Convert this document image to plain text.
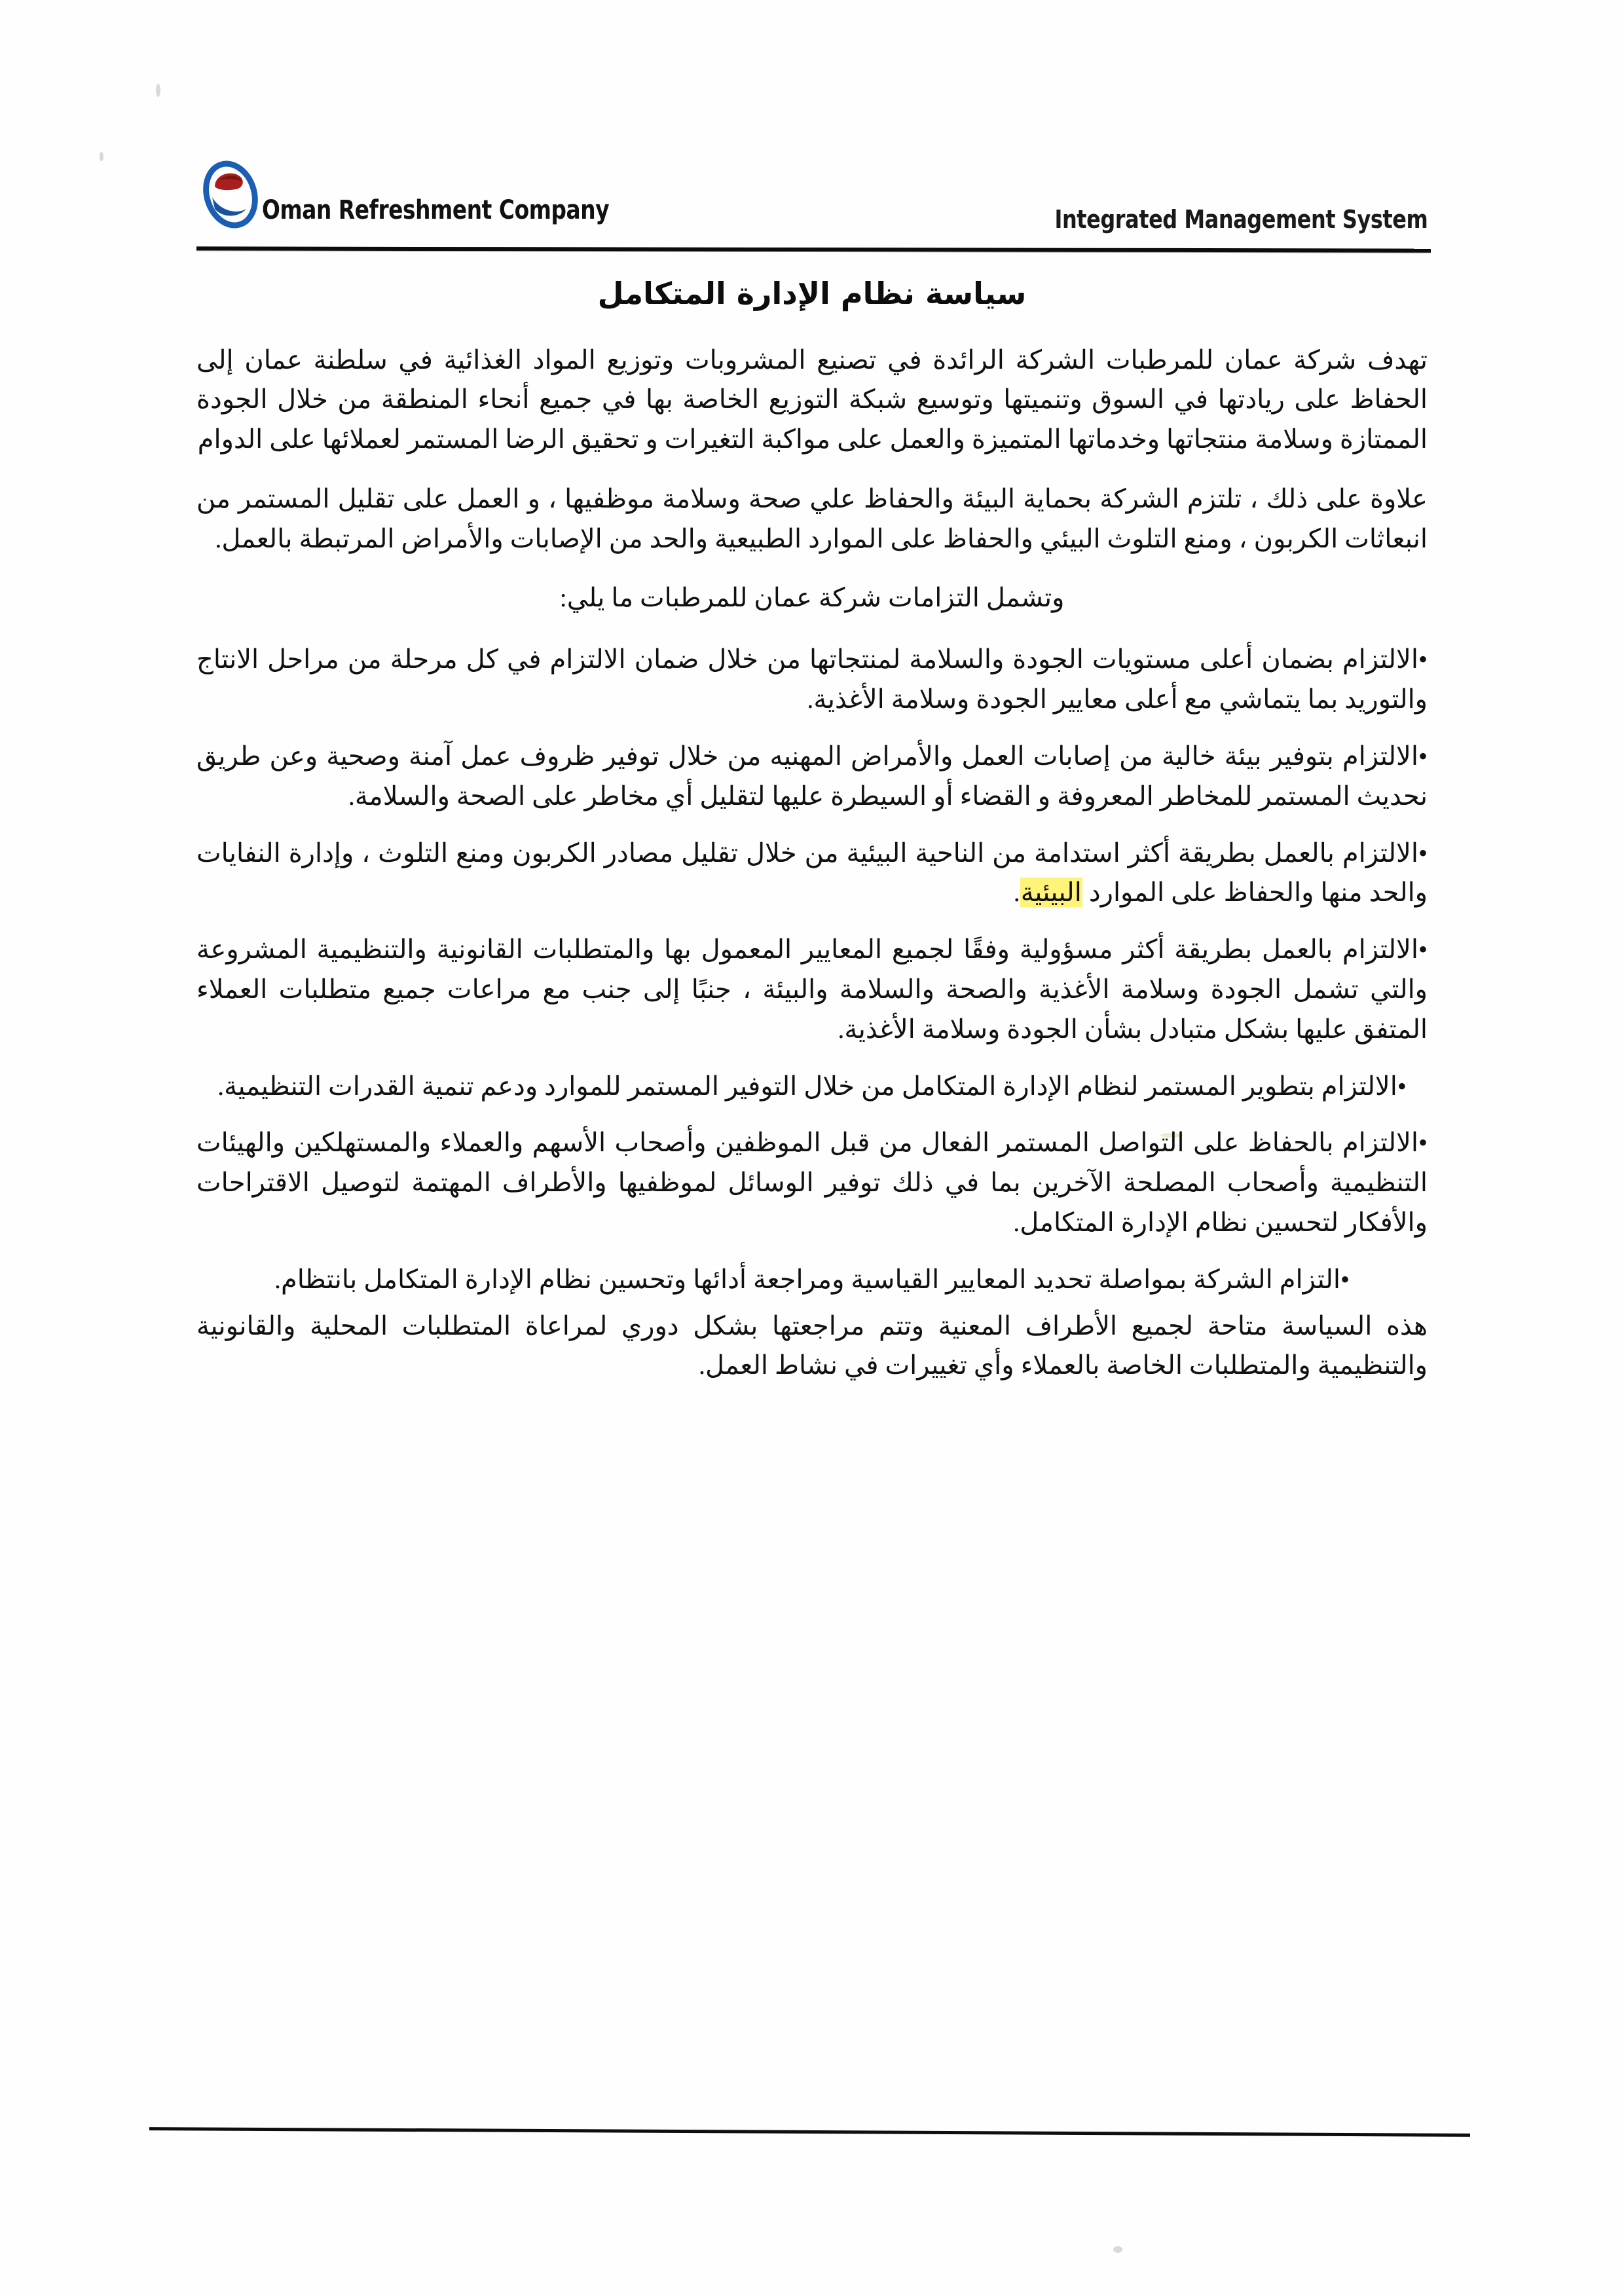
Oman Refreshment Company	Integrated Management System
سياسة نظام الإدارة المتكامل

تهدف شركة عمان للمرطبات الشركة الرائدة في تصنيع المشروبات وتوزيع المواد الغذائية في سلطنة عمان إلى الحفاظ على ريادتها في السوق وتنميتها وتوسيع شبكة التوزيع الخاصة بها في جميع أنحاء المنطقة من خلال الجودة الممتازة وسلامة منتجاتها وخدماتها المتميزة والعمل على مواكبة التغيرات و تحقيق الرضا المستمر لعملائها على الدوام

علاوة على ذلك ، تلتزم الشركة بحماية البيئة والحفاظ علي صحة وسلامة موظفيها ، و العمل على تقليل المستمر من انبعاثات الكربون ، ومنع التلوث البيئي والحفاظ على الموارد الطبيعية والحد من الإصابات والأمراض المرتبطة بالعمل.

وتشمل التزامات شركة عمان للمرطبات ما يلي:

•الالتزام بضمان أعلى مستويات الجودة والسلامة لمنتجاتها من خلال ضمان الالتزام في كل مرحلة من مراحل الانتاج والتوريد بما يتماشي مع أعلى معايير الجودة وسلامة الأغذية.
•الالتزام بتوفير بيئة خالية من إصابات العمل والأمراض المهنيه من خلال توفير ظروف عمل آمنة وصحية وعن طريق نحديث المستمر للمخاطر المعروفة و القضاء أو السيطرة عليها لتقليل أي مخاطر على الصحة والسلامة.
•الالتزام بالعمل بطريقة أكثر استدامة من الناحية البيئية من خلال تقليل مصادر الكربون ومنع التلوث ، وإدارة النفايات والحد منها والحفاظ على الموارد البيئية.
•الالتزام بالعمل بطريقة أكثر مسؤولية وفقًا لجميع المعايير المعمول بها والمتطلبات القانونية والتنظيمية المشروعة والتي تشمل الجودة وسلامة الأغذية والصحة والسلامة والبيئة ، جنبًا إلى جنب مع مراعات جميع متطلبات العملاء المتفق عليها بشكل متبادل بشأن الجودة وسلامة الأغذية.
•الالتزام بتطوير المستمر لنظام الإدارة المتكامل من خلال التوفير المستمر للموارد ودعم تنمية القدرات التنظيمية.
•الالتزام بالحفاظ على التواصل المستمر الفعال من قبل الموظفين وأصحاب الأسهم والعملاء والمستهلكين والهيئات التنظيمية وأصحاب المصلحة الآخرين بما في ذلك توفير الوسائل لموظفيها والأطراف المهتمة لتوصيل الاقتراحات والأفكار لتحسين نظام الإدارة المتكامل.
•التزام الشركة بمواصلة تحديد المعايير القياسية ومراجعة أدائها وتحسين نظام الإدارة المتكامل بانتظام.

هذه السياسة متاحة لجميع الأطراف المعنية وتتم مراجعتها بشكل دوري لمراعاة المتطلبات المحلية والقانونية والتنظيمية والمتطلبات الخاصة بالعملاء وأي تغييرات في نشاط العمل.
